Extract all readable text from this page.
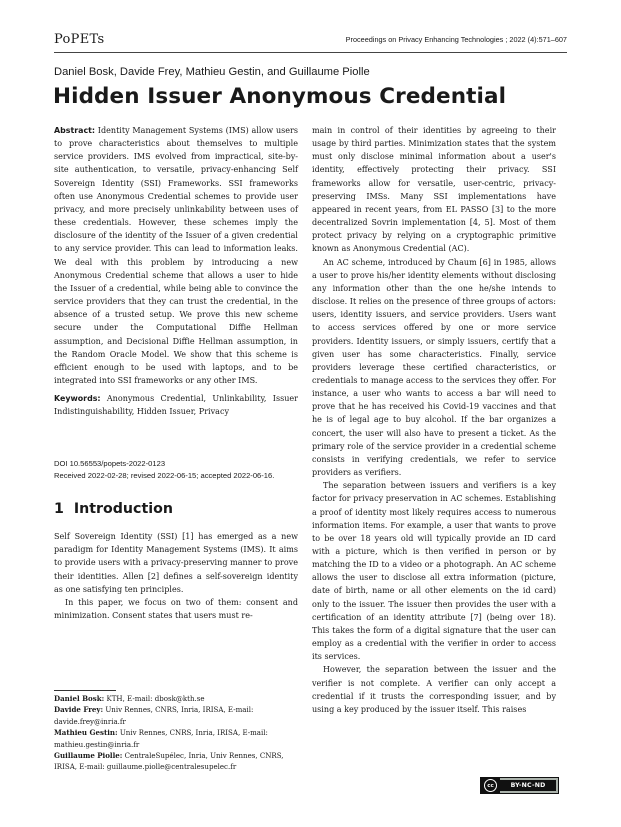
PoPETs	Proceedings on Privacy Enhancing Technologies ; 2022 (4):571–607
Daniel Bosk, Davide Frey, Mathieu Gestin, and Guillaume Piolle
Hidden Issuer Anonymous Credential

Abstract: Identity Management Systems (IMS) allow users to prove characteristics about themselves to multiple service providers. IMS evolved from impractical, site-by-site authentication, to versatile, privacy-enhancing Self Sovereign Identity (SSI) Frameworks. SSI frameworks often use Anonymous Credential schemes to provide user privacy, and more precisely unlinkability between uses of these credentials. However, these schemes imply the disclosure of the identity of the Issuer of a given credential to any service provider. This can lead to information leaks. We deal with this problem by introducing a new Anonymous Credential scheme that allows a user to hide the Issuer of a credential, while being able to convince the service providers that they can trust the credential, in the absence of a trusted setup. We prove this new scheme secure under the Computational Diffie Hellman assumption, and Decisional Diffie Hellman assumption, in the Random Oracle Model. We show that this scheme is efficient enough to be used with laptops, and to be integrated into SSI frameworks or any other IMS.

Keywords: Anonymous Credential, Unlinkability, Issuer Indistinguishability, Hidden Issuer, Privacy

DOI 10.56553/popets-2022-0123
Received 2022-02-28; revised 2022-06-15; accepted 2022-06-16.
1 Introduction

Self Sovereign Identity (SSI) [1] has emerged as a new paradigm for Identity Management Systems (IMS). It aims to provide users with a privacy-preserving manner to prove their identities. Allen [2] defines a self-sovereign identity as one satisfying ten principles.

In this paper, we focus on two of them: consent and minimization. Consent states that users must re-

Daniel Bosk: KTH, E-mail: dbosk@kth.se

Davide Frey: Univ Rennes, CNRS, Inria, IRISA, E-mail: davide.frey@inria.fr

Mathieu Gestin: Univ Rennes, CNRS, Inria, IRISA, E-mail: mathieu.gestin@inria.fr

Guillaume Piolle: CentraleSupélec, Inria, Univ Rennes, CNRS, IRISA, E-mail: guillaume.piolle@centralesupelec.fr

main in control of their identities by agreeing to their usage by third parties. Minimization states that the system must only disclose minimal information about a user's identity, effectively protecting their privacy. SSI frameworks allow for versatile, user-centric, privacy-preserving IMSs. Many SSI implementations have appeared in recent years, from EL PASSO [3] to the more decentralized Sovrin implementation [4, 5]. Most of them protect privacy by relying on a cryptographic primitive known as Anonymous Credential (AC).

An AC scheme, introduced by Chaum [6] in 1985, allows a user to prove his/her identity elements without disclosing any information other than the one he/she intends to disclose. It relies on the presence of three groups of actors: users, identity issuers, and service providers. Users want to access services offered by one or more service providers. Identity issuers, or simply issuers, certify that a given user has some characteristics. Finally, service providers leverage these certified characteristics, or credentials to manage access to the services they offer. For instance, a user who wants to access a bar will need to prove that he has received his Covid-19 vaccines and that he is of legal age to buy alcohol. If the bar organizes a concert, the user will also have to present a ticket. As the primary role of the service provider in a credential scheme consists in verifying credentials, we refer to service providers as verifiers.

The separation between issuers and verifiers is a key factor for privacy preservation in AC schemes. Establishing a proof of identity most likely requires access to numerous information items. For example, a user that wants to prove to be over 18 years old will typically provide an ID card with a picture, which is then verified in person or by matching the ID to a video or a photograph. An AC scheme allows the user to disclose all extra information (picture, date of birth, name or all other elements on the id card) only to the issuer. The issuer then provides the user with a certification of an identity attribute [7] (being over 18). This takes the form of a digital signature that the user can employ as a credential with the verifier in order to access its services.

However, the separation between the issuer and the verifier is not complete. A verifier can only accept a credential if it trusts the corresponding issuer, and by using a key produced by the issuer itself. This raises

cc	BY-NC-ND
